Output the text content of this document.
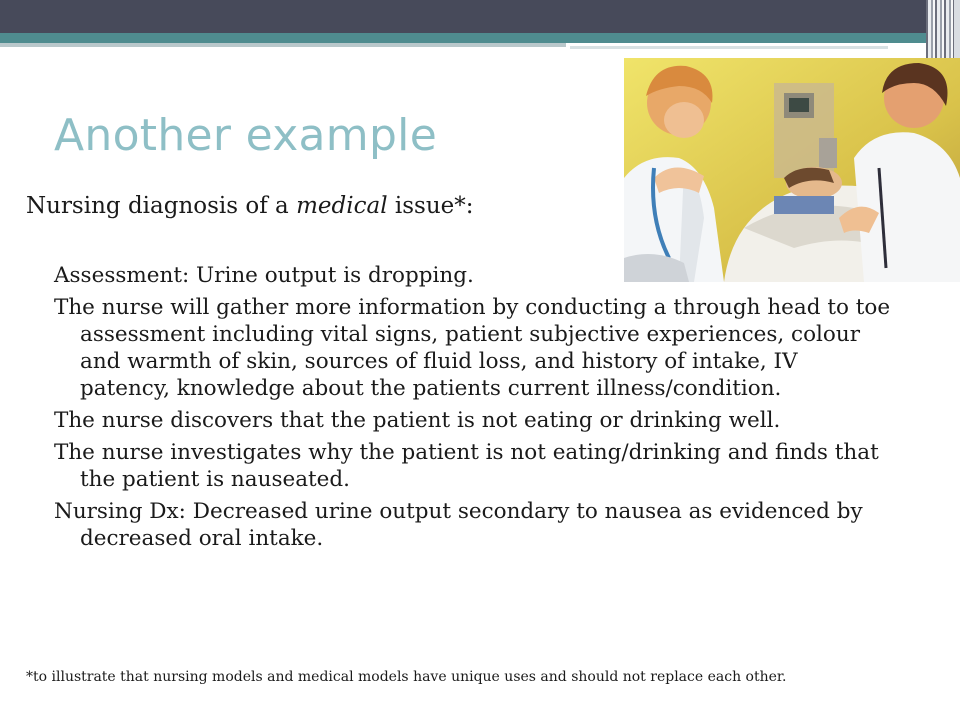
Another example

Nursing diagnosis of a medical issue*:

Assessment: Urine output is dropping.

The nurse will gather more information by conducting a through head to toe assessment including vital signs, patient subjective experiences, colour and warmth of skin, sources of fluid loss, and history of intake, IV patency, knowledge about the patients current illness/condition.

The nurse discovers that the patient is not eating or drinking well.

The nurse investigates why the patient is not eating/drinking and finds that the patient is nauseated.

Nursing Dx: Decreased urine output secondary to nausea as evidenced by decreased oral intake.

*to illustrate that nursing models and medical models have unique uses and should not replace each other.
